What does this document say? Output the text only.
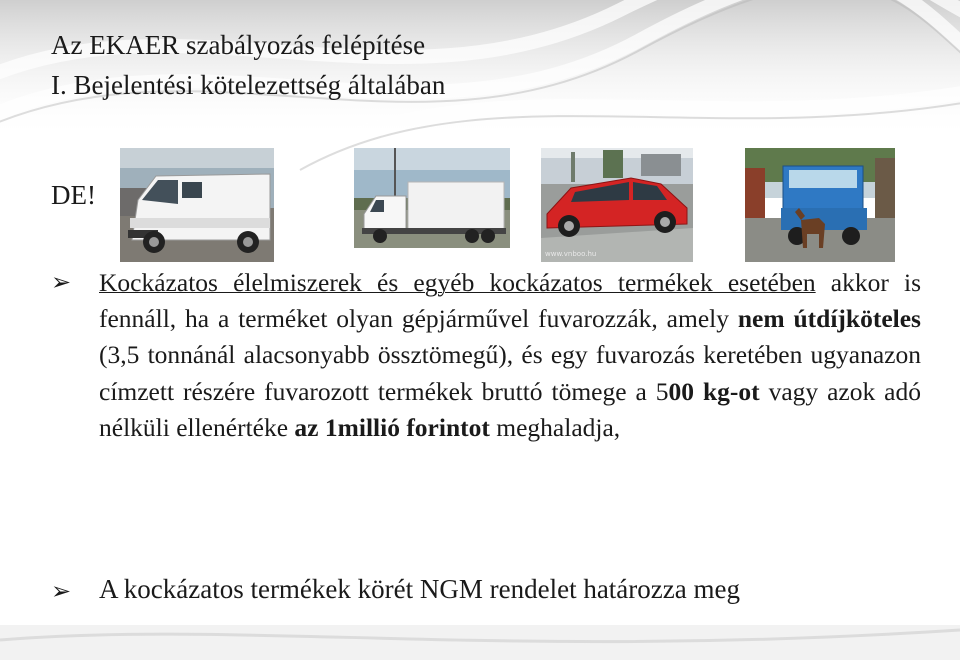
Az EKAER szabályozás felépítése
I. Bejelentési kötelezettség általában
DE!
www.vnboo.hu
➢ Kockázatos élelmiszerek és egyéb kockázatos termékek esetében akkor is fennáll, ha a terméket olyan gépjárművel fuvarozzák, amely nem útdíjköteles (3,5 tonnánál alacsonyabb össztömegű), és egy fuvarozás keretében ugyanazon címzett részére fuvarozott termékek bruttó tömege a 500 kg-ot vagy azok adó nélküli ellenértéke az 1millió forintot meghaladja,
➢ A kockázatos termékek körét NGM rendelet határozza meg
